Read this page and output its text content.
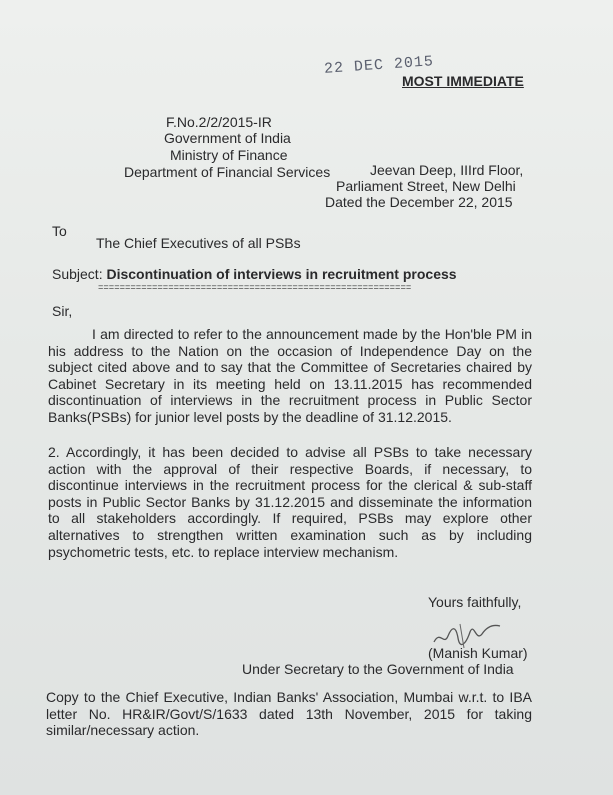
22 DEC 2015
MOST IMMEDIATE
F.No.2/2/2015-IR
Government of India
Ministry of Finance
Department of Financial Services	Jeevan Deep, IIIrd Floor,
Parliament Street, New Delhi
Dated the December 22, 2015
To
The Chief Executives of all PSBs
Subject: Discontinuation of interviews in recruitment process
==========================================================
Sir,
I am directed to refer to the announcement made by the Hon'ble PM in
his address to the Nation on the occasion of Independence Day on the
subject cited above and to say that the Committee of Secretaries chaired by
Cabinet Secretary in its meeting held on 13.11.2015 has recommended
discontinuation of interviews in the recruitment process in Public Sector
Banks(PSBs) for junior level posts by the deadline of 31.12.2015.
2. Accordingly, it has been decided to advise all PSBs to take necessary
action with the approval of their respective Boards, if necessary, to
discontinue interviews in the recruitment process for the clerical & sub-staff
posts in Public Sector Banks by 31.12.2015 and disseminate the information
to all stakeholders accordingly. If required, PSBs may explore other
alternatives to strengthen written examination such as by including
psychometric tests, etc. to replace interview mechanism.
Yours faithfully,
(Manish Kumar)
Under Secretary to the Government of India
Copy to the Chief Executive, Indian Banks' Association, Mumbai w.r.t. to IBA
letter No. HR&IR/Govt/S/1633 dated 13th November, 2015 for taking
similar/necessary action.
